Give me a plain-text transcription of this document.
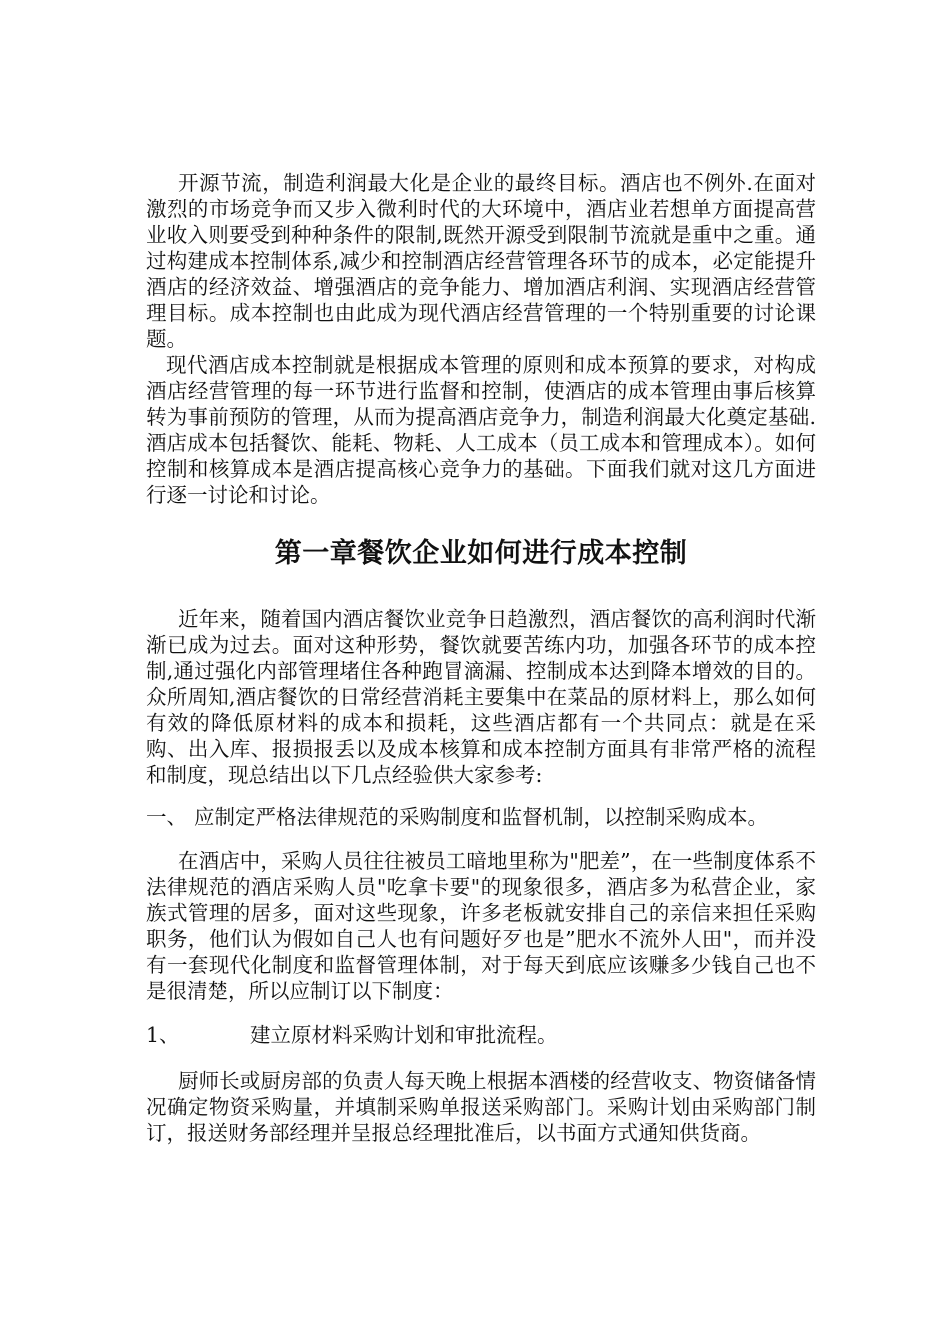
开源节流，制造利润最大化是企业的最终目标。酒店也不例外.在面对激烈的市场竞争而又步入微利时代的大环境中，酒店业若想单方面提高营业收入则要受到种种条件的限制,既然开源受到限制节流就是重中之重。通过构建成本控制体系,减少和控制酒店经营管理各环节的成本，必定能提升酒店的经济效益、增强酒店的竞争能力、增加酒店利润、实现酒店经营管理目标。成本控制也由此成为现代酒店经营管理的一个特别重要的讨论课题。

现代酒店成本控制就是根据成本管理的原则和成本预算的要求，对构成酒店经营管理的每一环节进行监督和控制，使酒店的成本管理由事后核算转为事前预防的管理，从而为提高酒店竞争力，制造利润最大化奠定基础.酒店成本包括餐饮、能耗、物耗、人工成本（员工成本和管理成本）。如何控制和核算成本是酒店提高核心竞争力的基础。下面我们就对这几方面进行逐一讨论和讨论。

第一章餐饮企业如何进行成本控制

近年来，随着国内酒店餐饮业竞争日趋激烈，酒店餐饮的高利润时代渐渐已成为过去。面对这种形势，餐饮就要苦练内功，加强各环节的成本控制,通过强化内部管理堵住各种跑冒滴漏、控制成本达到降本增效的目的。众所周知,酒店餐饮的日常经营消耗主要集中在菜品的原材料上，那么如何有效的降低原材料的成本和损耗，这些酒店都有一个共同点：就是在采购、出入库、报损报丢以及成本核算和成本控制方面具有非常严格的流程和制度，现总结出以下几点经验供大家参考:

一、 应制定严格法律规范的采购制度和监督机制，以控制采购成本。

在酒店中，采购人员往往被员工暗地里称为"肥差”，在一些制度体系不法律规范的酒店采购人员"吃拿卡要"的现象很多，酒店多为私营企业，家族式管理的居多，面对这些现象，许多老板就安排自己的亲信来担任采购职务，他们认为假如自己人也有问题好歹也是”肥水不流外人田"，而并没有一套现代化制度和监督管理体制，对于每天到底应该赚多少钱自己也不是很清楚，所以应制订以下制度：

1、	建立原材料采购计划和审批流程。

厨师长或厨房部的负责人每天晚上根据本酒楼的经营收支、物资储备情况确定物资采购量，并填制采购单报送采购部门。采购计划由采购部门制订，报送财务部经理并呈报总经理批准后，以书面方式通知供货商。
